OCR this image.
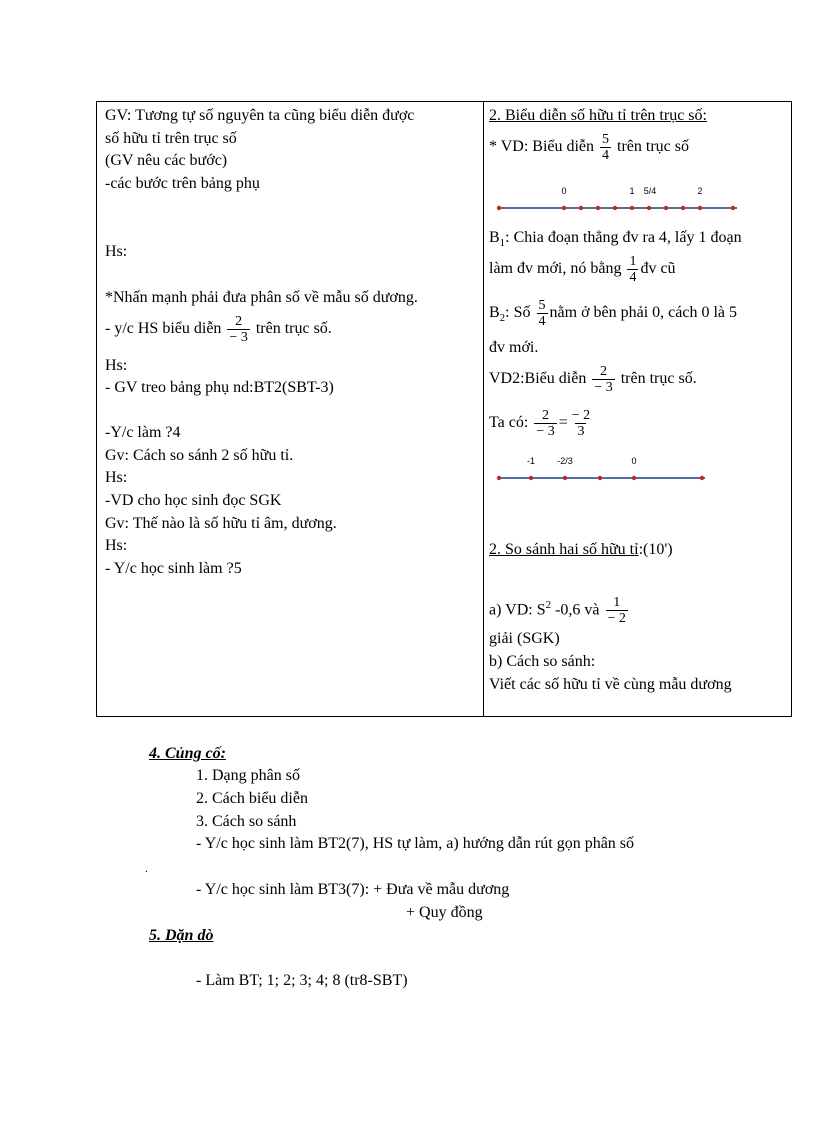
GV: Tương tự số nguyên ta cũng biểu diễn được
số hữu tỉ trên trục số
(GV nêu các bước)
-các bước trên bảng phụ
Hs:
*Nhấn mạnh phải đưa phân số về mẫu số dương.
- y/c HS biểu diễn $\frac{2}{- 3}$ trên trục số.
Hs:
- GV treo bảng phụ nd:BT2(SBT-3)
-Y/c làm ?4
Gv: Cách so sánh 2 số hữu tỉ.
Hs:
-VD cho học sinh đọc SGK
Gv: Thế nào là số hữu tỉ âm, dương.
Hs:
- Y/c học sinh làm ?5
2. Biểu diễn số hữu tỉ trên trục số:
* VD: Biểu diễn $\frac{5}{4}$ trên trục số
0	1 5/4	2
$B_1$: Chia đoạn thẳng đv ra 4, lấy 1 đoạn
làm đv mới, nó bằng $\frac{1}{4}$ đv cũ
$B_2$: Số $\frac{5}{4}$ nằm ở bên phải 0, cách 0 là 5
đv mới.
VD2:Biểu diễn $\frac{2}{- 3}$ trên trục số.
Ta có: $\frac{2}{- 3} = \frac{- 2}{3}$
-1 -2/3	0
2. So sánh hai số hữu tỉ:(10')
a) VD: $S^2$ -0,6 và $\frac{1}{- 2}$
giải (SGK)
b) Cách so sánh:
Viết các số hữu tỉ về cùng mẫu dương
4. Củng cố:
1. Dạng phân số
2. Cách biểu diễn
3. Cách so sánh
- Y/c học sinh làm BT2(7), HS tự làm, a) hướng dẫn rút gọn phân số
.
- Y/c học sinh làm BT3(7): + Đưa về mẫu dương
+ Quy đồng
5. Dặn dò
- Làm BT; 1; 2; 3; 4; 8 (tr8-SBT)
